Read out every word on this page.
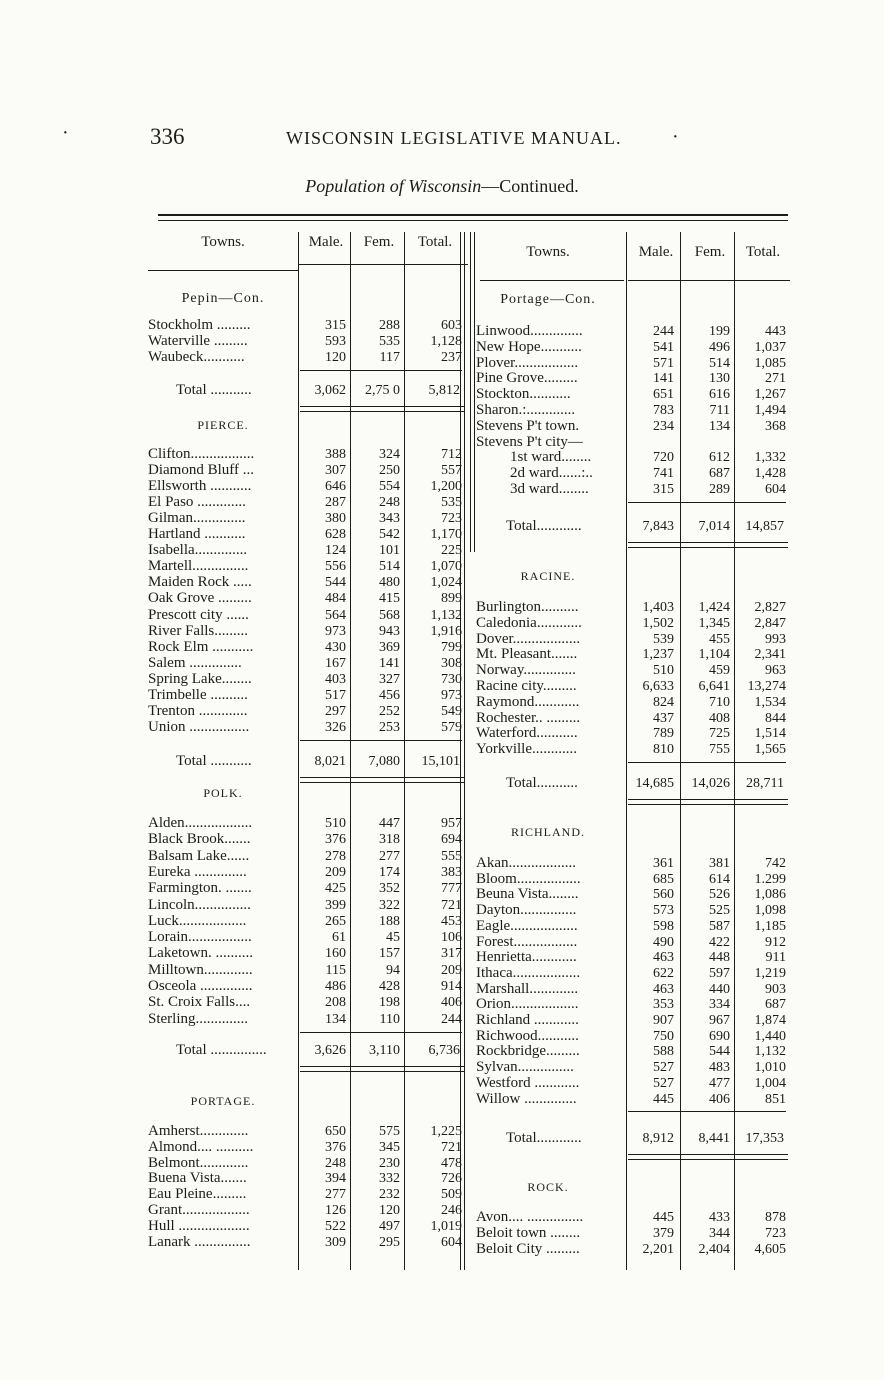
336	WISCONSIN LEGISLATIVE MANUAL.
Population of Wisconsin—Continued.
Towns.	Male.	Fem.	Total.
Pepin—Con.
Stockholm .........	315	288	603
Waterville .........	593	535	1,128
Waubeck...........	120	117	237
Total ...........	3,062	2,75 0	5,812
PIERCE.
Clifton.................	388	324	712
Diamond Bluff ...	307	250	557
Ellsworth ...........	646	554	1,200
El Paso .............	287	248	535
Gilman..............	380	343	723
Hartland ...........	628	542	1,170
Isabella..............	124	101	225
Martell...............	556	514	1,070
Maiden Rock .....	544	480	1,024
Oak Grove .........	484	415	899
Prescott city ......	564	568	1,132
River Falls.........	973	943	1,916
Rock Elm ...........	430	369	799
Salem ..............	167	141	308
Spring Lake........	403	327	730
Trimbelle ..........	517	456	973
Trenton .............	297	252	549
Union ................	326	253	579
Total ...........	8,021	7,080	15,101
POLK.
Alden..................	510	447	957
Black Brook.......	376	318	694
Balsam Lake......	278	277	555
Eureka ..............	209	174	383
Farmington. .......	425	352	777
Lincoln...............	399	322	721
Luck..................	265	188	453
Lorain.................	61	45	106
Laketown. ..........	160	157	317
Milltown.............	115	94	209
Osceola ..............	486	428	914
St. Croix Falls....	208	198	406
Sterling..............	134	110	244
Total ...............	3,626	3,110	6,736
PORTAGE.
Amherst.............	650	575	1,225
Almond.... ..........	376	345	721
Belmont.............	248	230	478
Buena Vista.......	394	332	726
Eau Pleine.........	277	232	509
Grant..................	126	120	246
Hull ...................	522	497	1,019
Lanark ...............	309	295	604
Towns.	Male.	Fem.	Total.
Portage—Con.
Linwood..............	244	199	443
New Hope...........	541	496	1,037
Plover.................	571	514	1,085
Pine Grove.........	141	130	271
Stockton...........	651	616	1,267
Sharon.:.............	783	711	1,494
Stevens P't town.	234	134	368
Stevens P't city—
1st ward........	720	612	1,332
2d ward......:..	741	687	1,428
3d ward........	315	289	604
Total............	7,843	7,014	14,857
RACINE.
Burlington..........	1,403	1,424	2,827
Caledonia............	1,502	1,345	2,847
Dover..................	539	455	993
Mt. Pleasant.......	1,237	1,104	2,341
Norway..............	510	459	963
Racine city.........	6,633	6,641	13,274
Raymond............	824	710	1,534
Rochester.. .........	437	408	844
Waterford...........	789	725	1,514
Yorkville............	810	755	1,565
Total...........	14,685	14,026	28,711
RICHLAND.
Akan..................	361	381	742
Bloom.................	685	614	1.299
Beuna Vista........	560	526	1,086
Dayton...............	573	525	1,098
Eagle..................	598	587	1,185
Forest.................	490	422	912
Henrietta............	463	448	911
Ithaca..................	622	597	1,219
Marshall.............	463	440	903
Orion..................	353	334	687
Richland ............	907	967	1,874
Richwood...........	750	690	1,440
Rockbridge.........	588	544	1,132
Sylvan...............	527	483	1,010
Westford ............	527	477	1,004
Willow ..............	445	406	851
Total............	8,912	8,441	17,353
ROCK.
Avon.... ...............	445	433	878
Beloit town ........	379	344	723
Beloit City .........	2,201	2,404	4,605
·
·
